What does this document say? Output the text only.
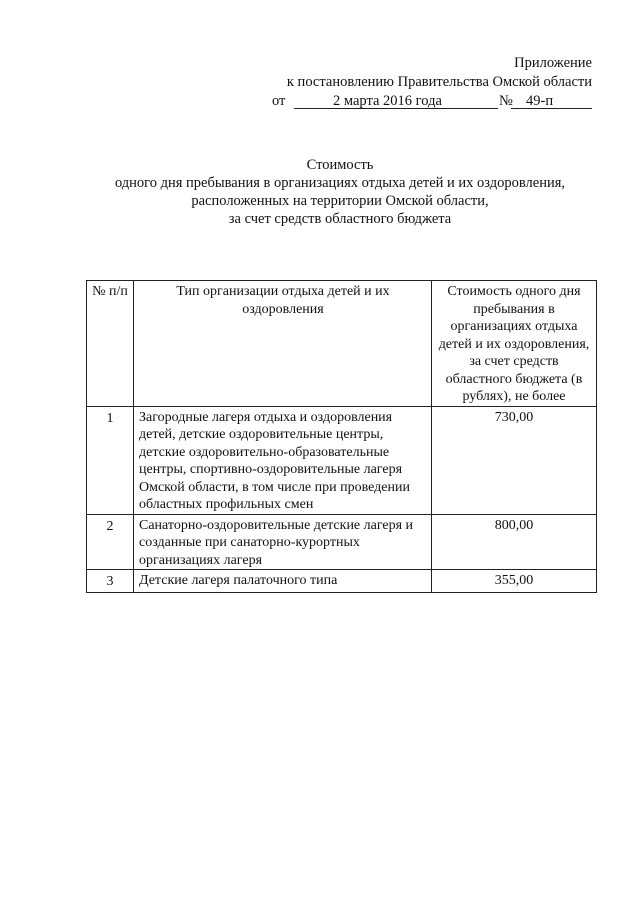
Приложение
к постановлению Правительства Омской области
от	2 марта 2016 года	№ 49-п
Стоимость
одного дня пребывания в организациях отдыха детей и их оздоровления,
расположенных на территории Омской области,
за счет средств областного бюджета
№ п/п	Тип организации отдыха детей и их оздоровления	Стоимость одного дня пребывания в организациях отдыха детей и их оздоровления, за счет средств областного бюджета (в рублях), не более
1	Загородные лагеря отдыха и оздоровления детей, детские оздоровительные центры, детские оздоровительно-образовательные центры, спортивно-оздоровительные лагеря Омской области, в том числе при проведении областных профильных смен	730,00
2	Санаторно-оздоровительные детские лагеря и созданные при санаторно-курортных организациях лагеря	800,00
3	Детские лагеря палаточного типа	355,00
